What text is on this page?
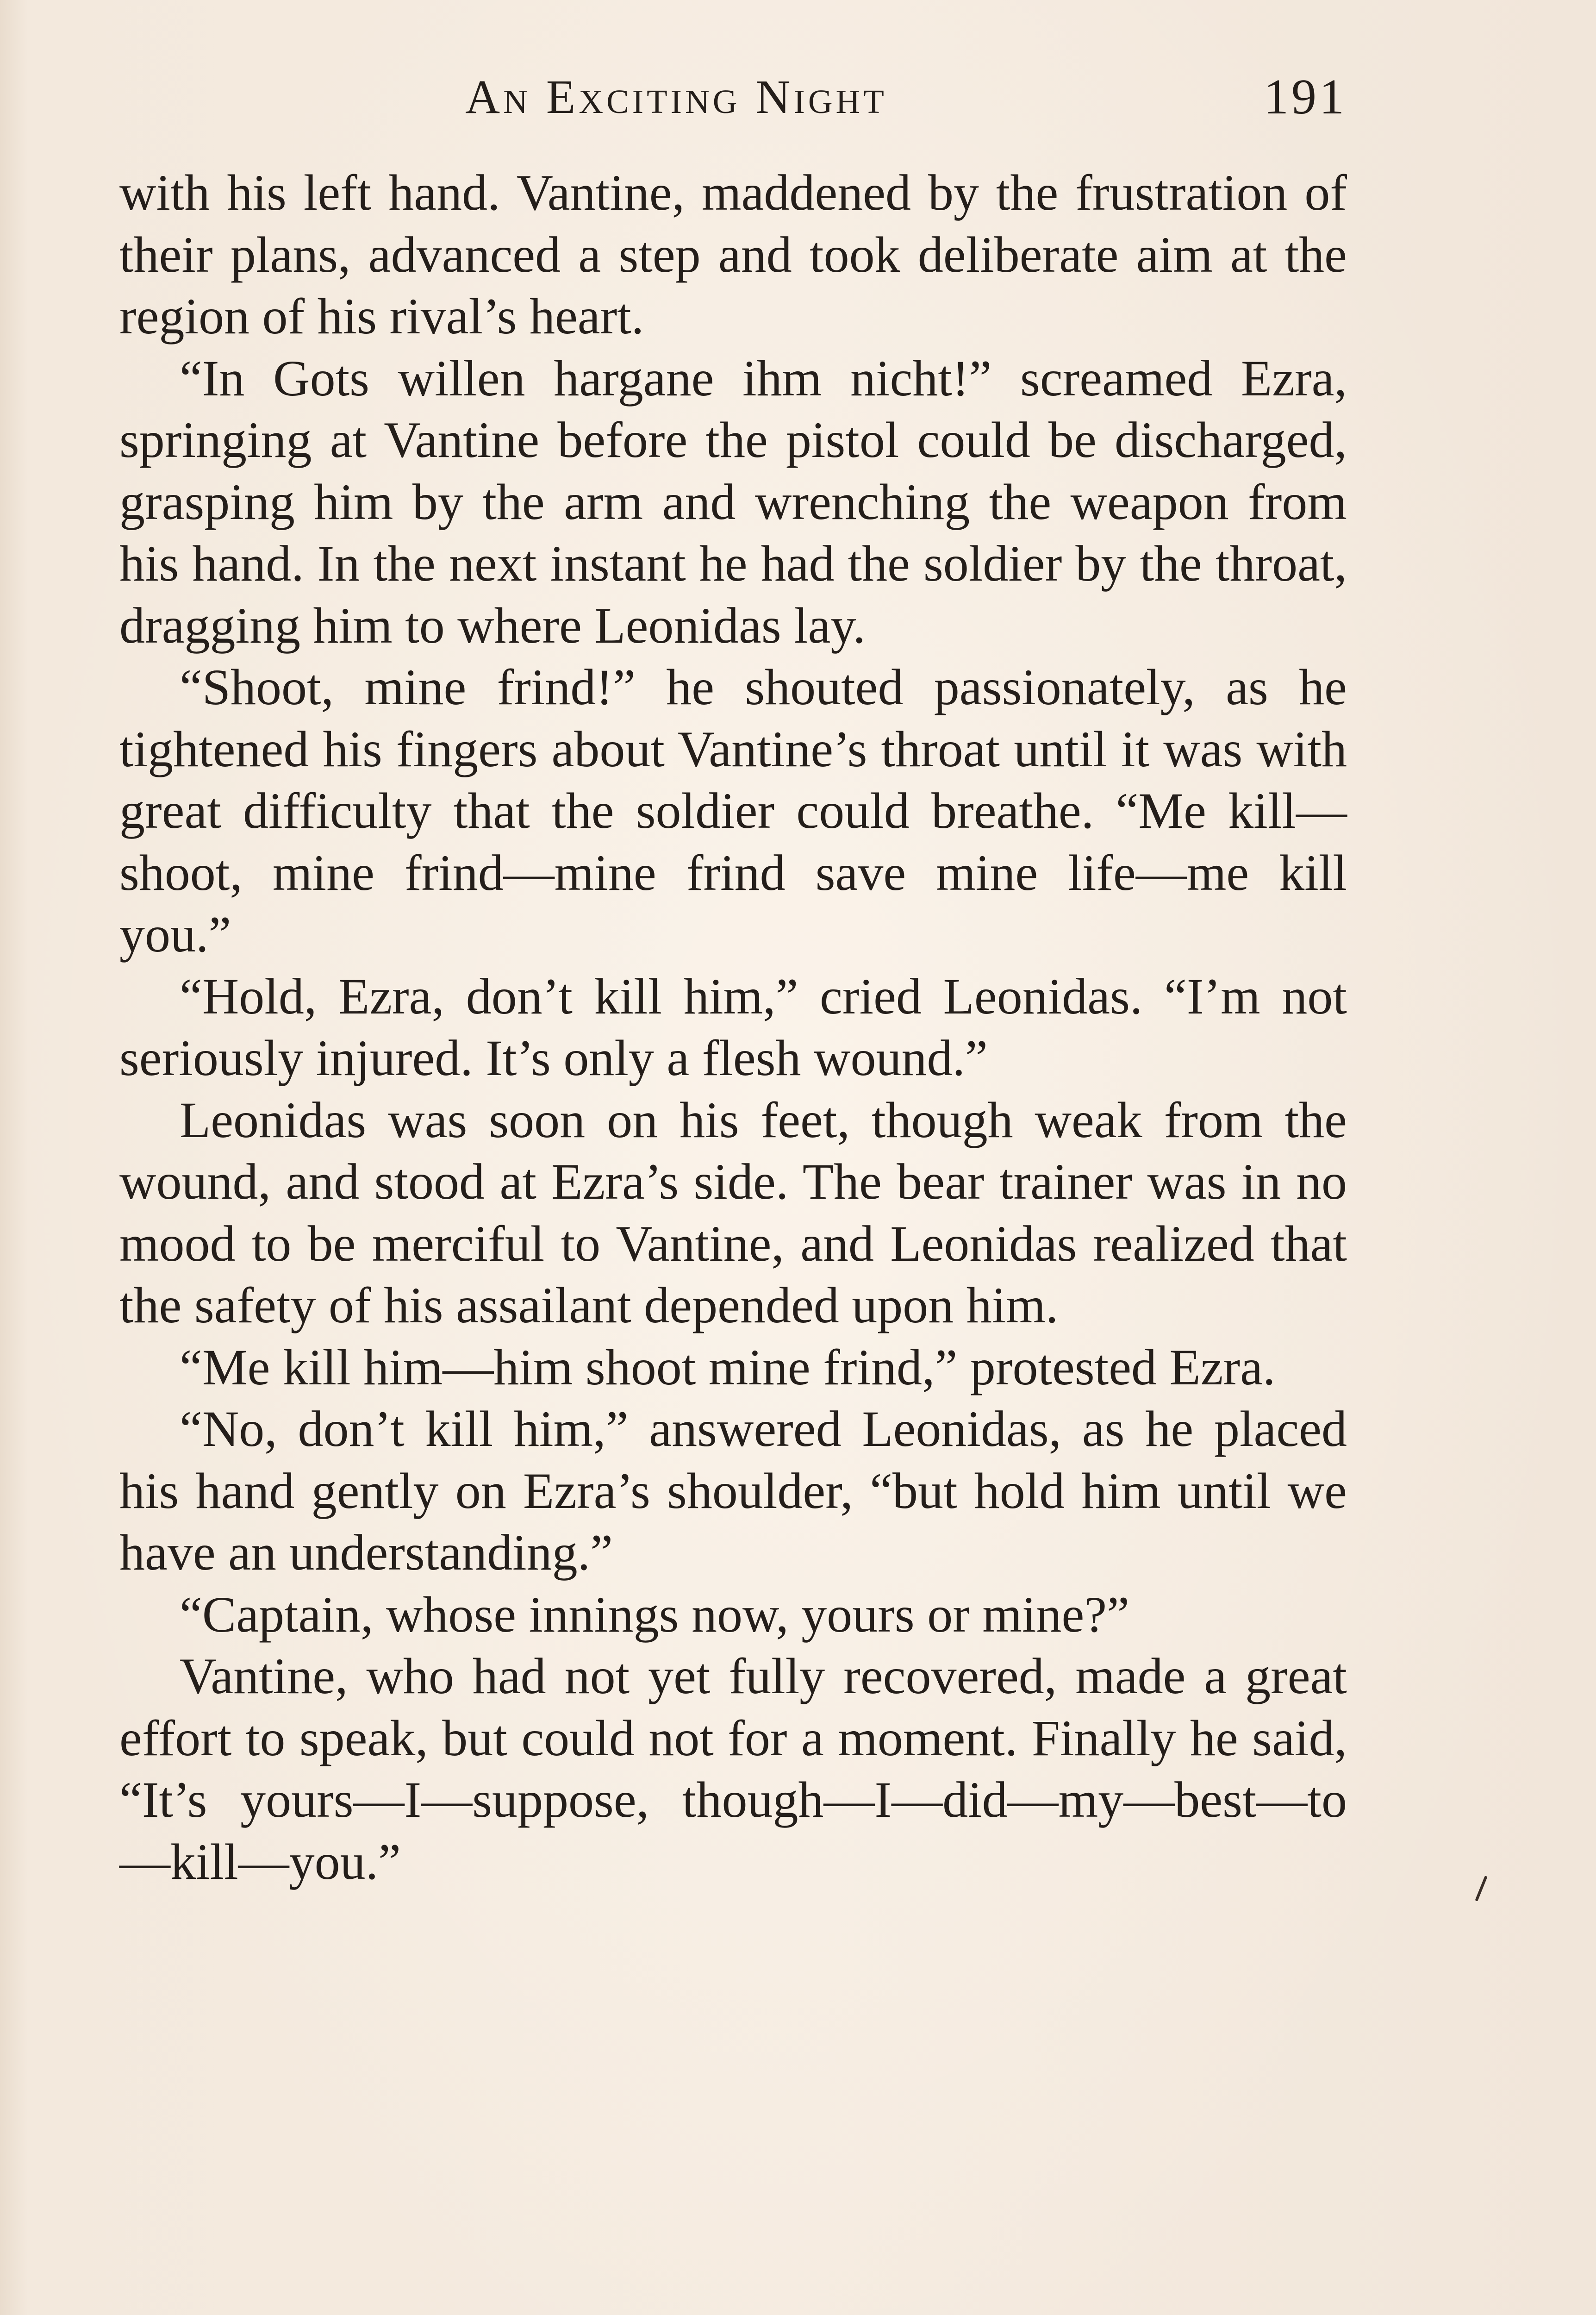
An Exciting Night	191

with his left hand. Vantine, maddened by the frustration of their plans, advanced a step and took deliberate aim at the region of his rival’s heart.

“In Gots willen hargane ihm nicht!” screamed Ezra, springing at Vantine before the pistol could be discharged, grasping him by the arm and wrenching the weapon from his hand. In the next instant he had the soldier by the throat, dragging him to where Leonidas lay.

“Shoot, mine frind!” he shouted passionately, as he tightened his fingers about Vantine’s throat until it was with great difficulty that the soldier could breathe. “Me kill—shoot, mine frind—mine frind save mine life—me kill you.”

“Hold, Ezra, don’t kill him,” cried Leonidas. “I’m not seriously injured. It’s only a flesh wound.”

Leonidas was soon on his feet, though weak from the wound, and stood at Ezra’s side. The bear trainer was in no mood to be merciful to Vantine, and Leonidas realized that the safety of his assailant depended upon him.

“Me kill him—him shoot mine frind,” protested Ezra.

“No, don’t kill him,” answered Leonidas, as he placed his hand gently on Ezra’s shoulder, “but hold him until we have an understanding.”

“Captain, whose innings now, yours or mine?”

Vantine, who had not yet fully recovered, made a great effort to speak, but could not for a moment. Finally he said, “It’s yours—I—suppose, though—I—did—my—best—to—kill—you.”
